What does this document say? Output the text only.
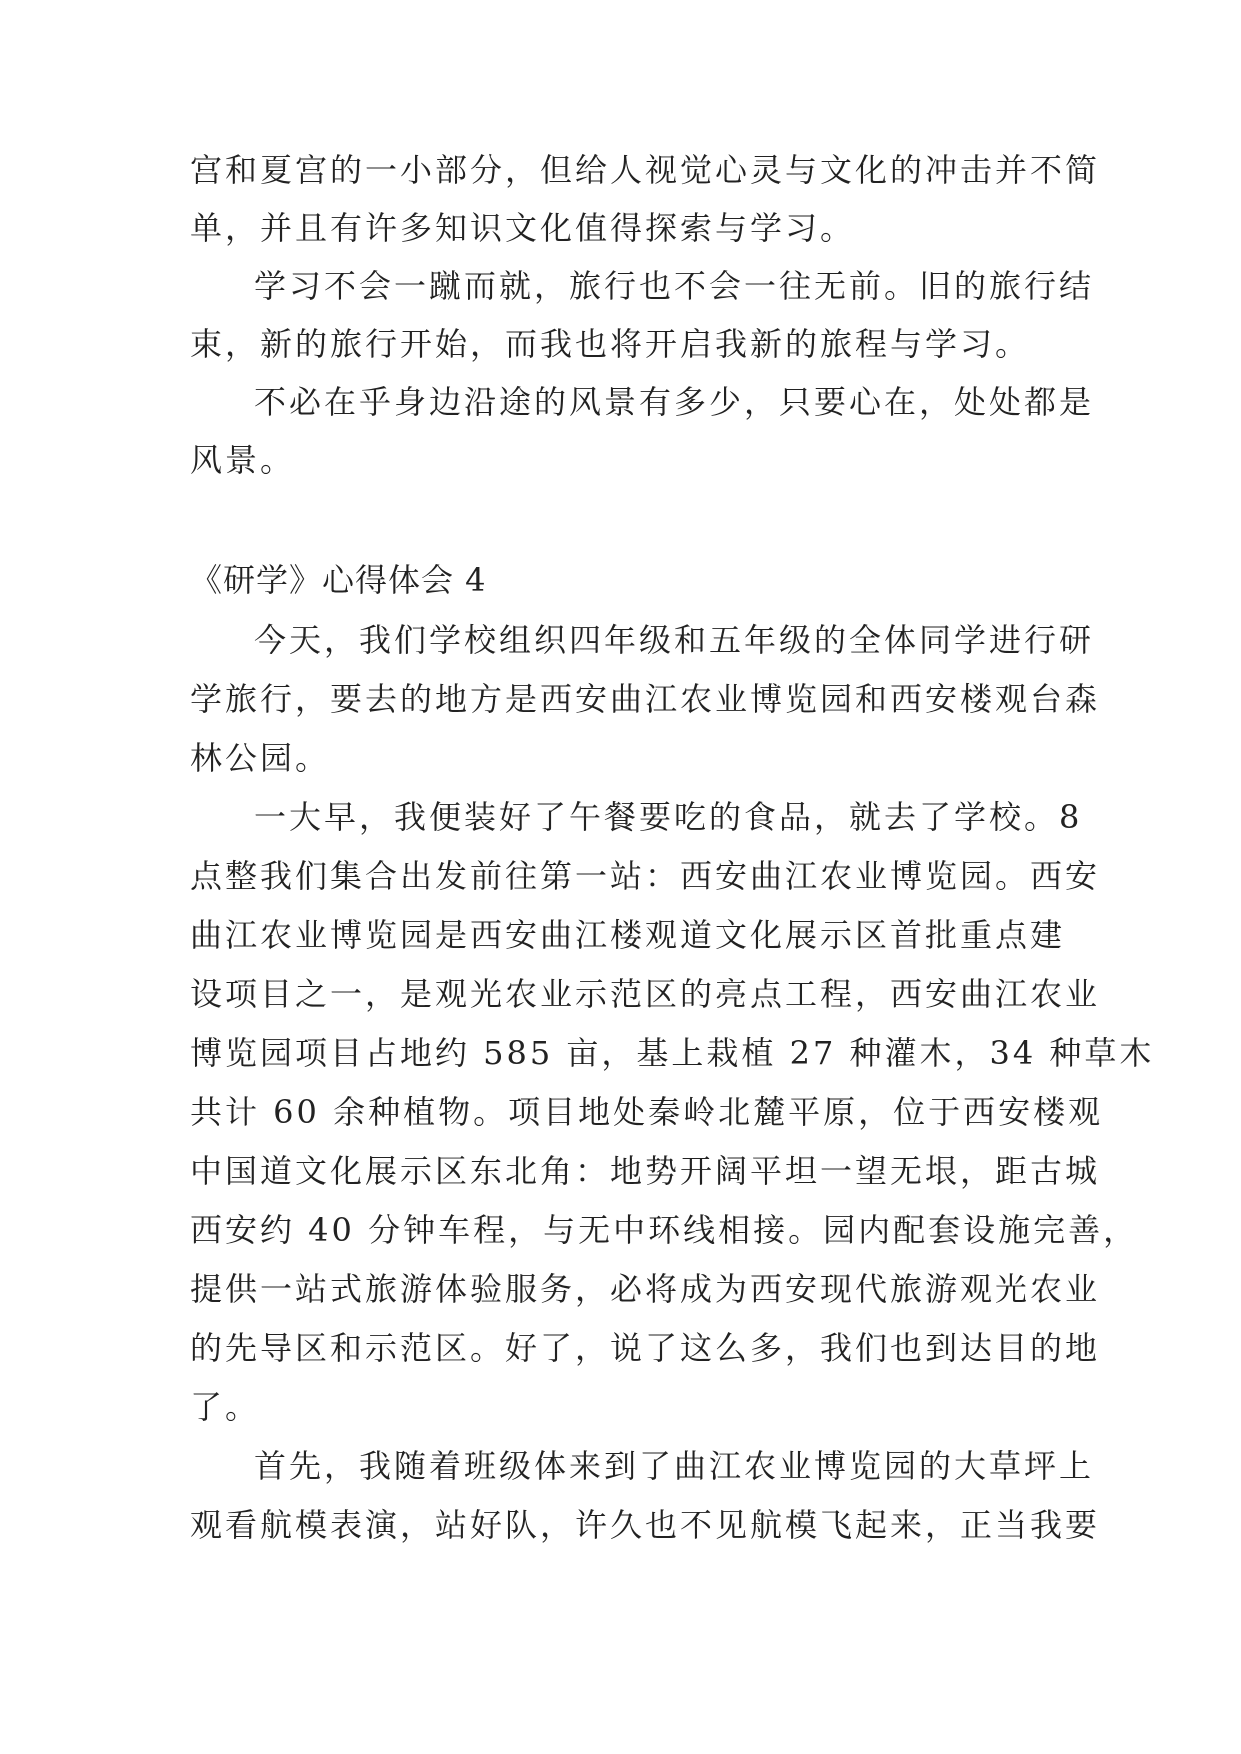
宫和夏宫的一小部分，但给人视觉心灵与文化的冲击并不简
单，并且有许多知识文化值得探索与学习。
学习不会一蹴而就，旅行也不会一往无前。旧的旅行结
束，新的旅行开始，而我也将开启我新的旅程与学习。
不必在乎身边沿途的风景有多少，只要心在，处处都是
风景。
《研学》心得体会 4
今天，我们学校组织四年级和五年级的全体同学进行研
学旅行，要去的地方是西安曲江农业博览园和西安楼观台森
林公园。
一大早，我便装好了午餐要吃的食品，就去了学校。8
点整我们集合出发前往第一站：西安曲江农业博览园。西安
曲江农业博览园是西安曲江楼观道文化展示区首批重点建
设项目之一，是观光农业示范区的亮点工程，西安曲江农业
博览园项目占地约 585 亩，基上栽植 27 种灌木，34 种草木
共计 60 余种植物。项目地处秦岭北麓平原，位于西安楼观
中国道文化展示区东北角：地势开阔平坦一望无垠，距古城
西安约 40 分钟车程，与无中环线相接。园内配套设施完善，
提供一站式旅游体验服务，必将成为西安现代旅游观光农业
的先导区和示范区。好了，说了这么多，我们也到达目的地
了。
首先，我随着班级体来到了曲江农业博览园的大草坪上
观看航模表演，站好队，许久也不见航模飞起来，正当我要
